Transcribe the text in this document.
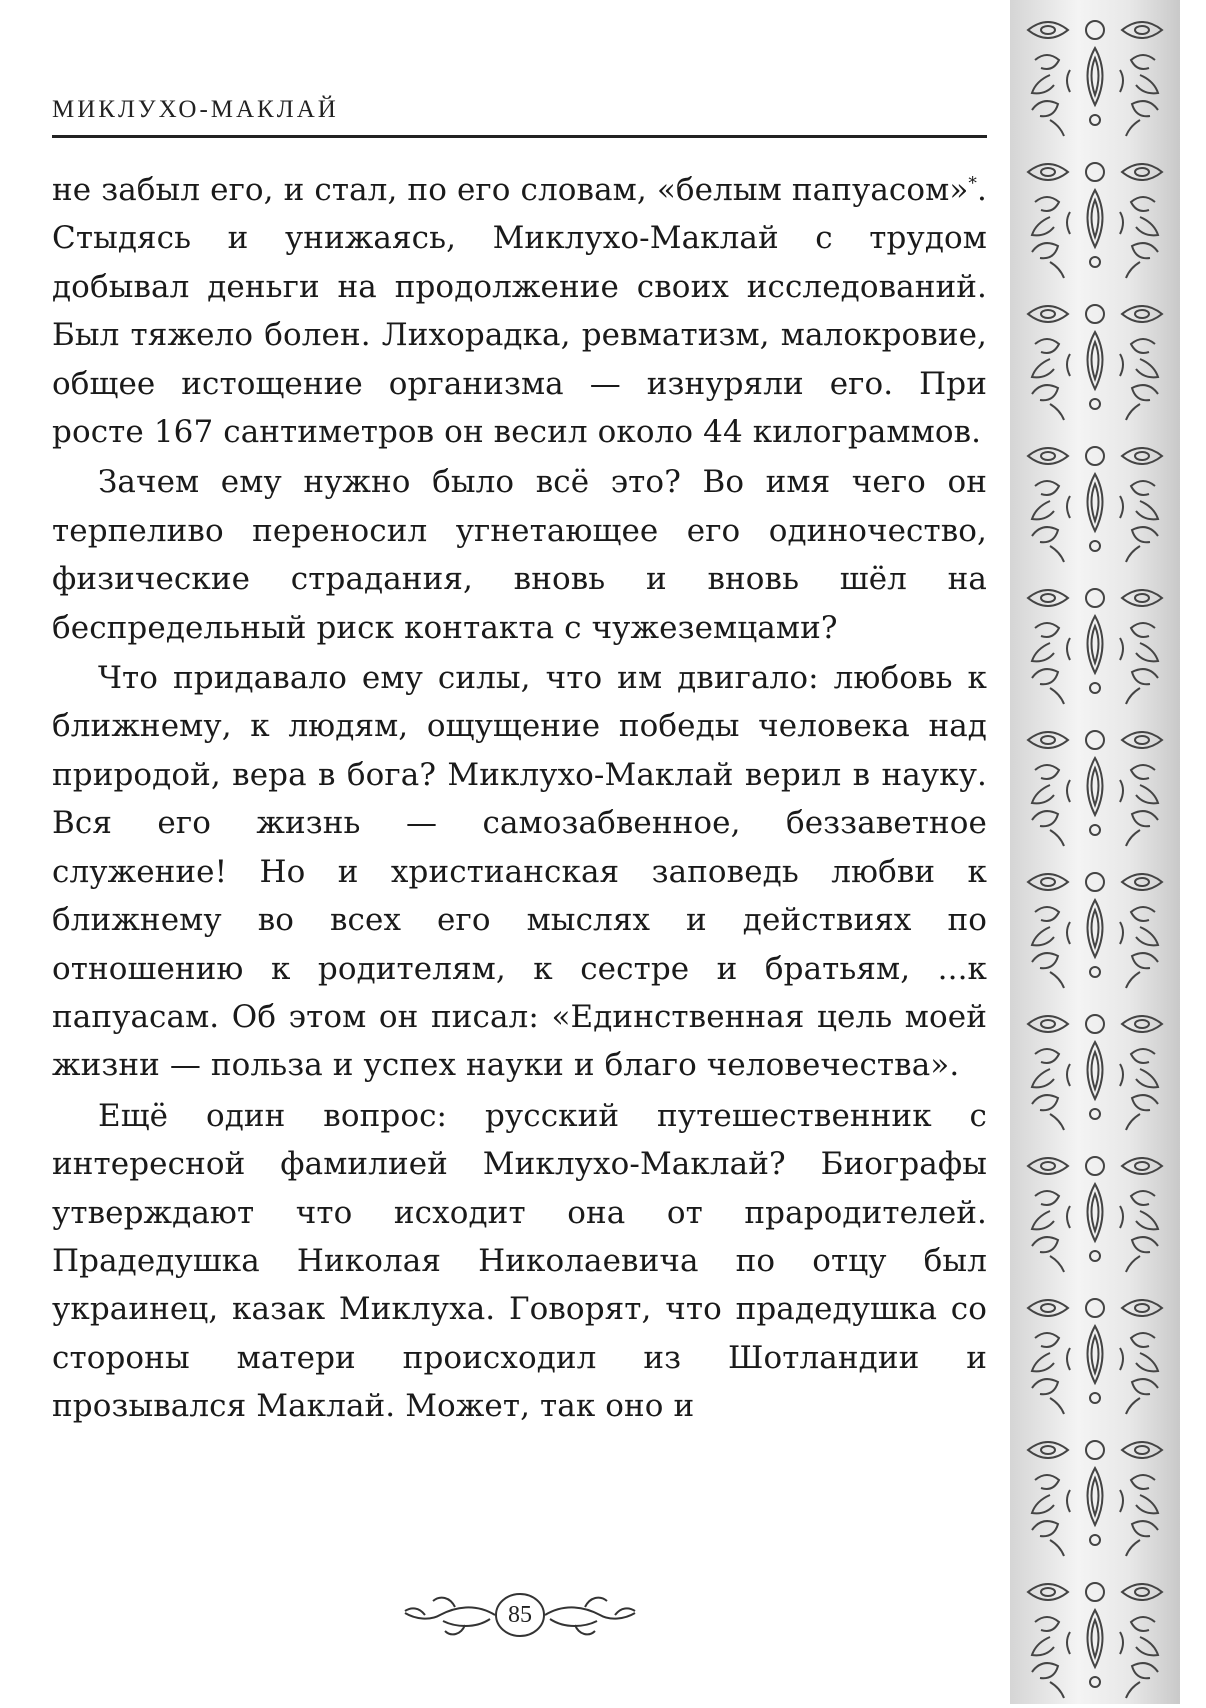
МИКЛУХО-МАКЛАЙ

не забыл его, и стал, по его словам, «белым папуасом»*. Стыдясь и унижаясь, Миклухо-Маклай с трудом добывал деньги на продолжение своих исследований. Был тяжело болен. Лихорадка, ревматизм, малокровие, общее истощение организма — изнуряли его. При росте 167 сантиметров он весил около 44 килограммов.

Зачем ему нужно было всё это? Во имя чего он терпеливо переносил угнетающее его одиночество, физические страдания, вновь и вновь шёл на беспредельный риск контакта с чужеземцами?

Что придавало ему силы, что им двигало: любовь к ближнему, к людям, ощущение победы человека над природой, вера в бога? Миклухо-Маклай верил в науку. Вся его жизнь — самозабвенное, беззаветное служение! Но и христианская заповедь любви к ближнему во всех его мыслях и действиях по отношению к родителям, к сестре и братьям, ...к папуасам. Об этом он писал: «Единственная цель моей жизни — польза и успех науки и благо человечества».

Ещё один вопрос: русский путешественник с интересной фамилией Миклухо-Маклай? Биографы утверждают что исходит она от прародителей. Прадедушка Николая Николаевича по отцу был украинец, казак Миклуха. Говорят, что прадедушка со стороны матери происходил из Шотландии и прозывался Маклай. Может, так оно и

85
